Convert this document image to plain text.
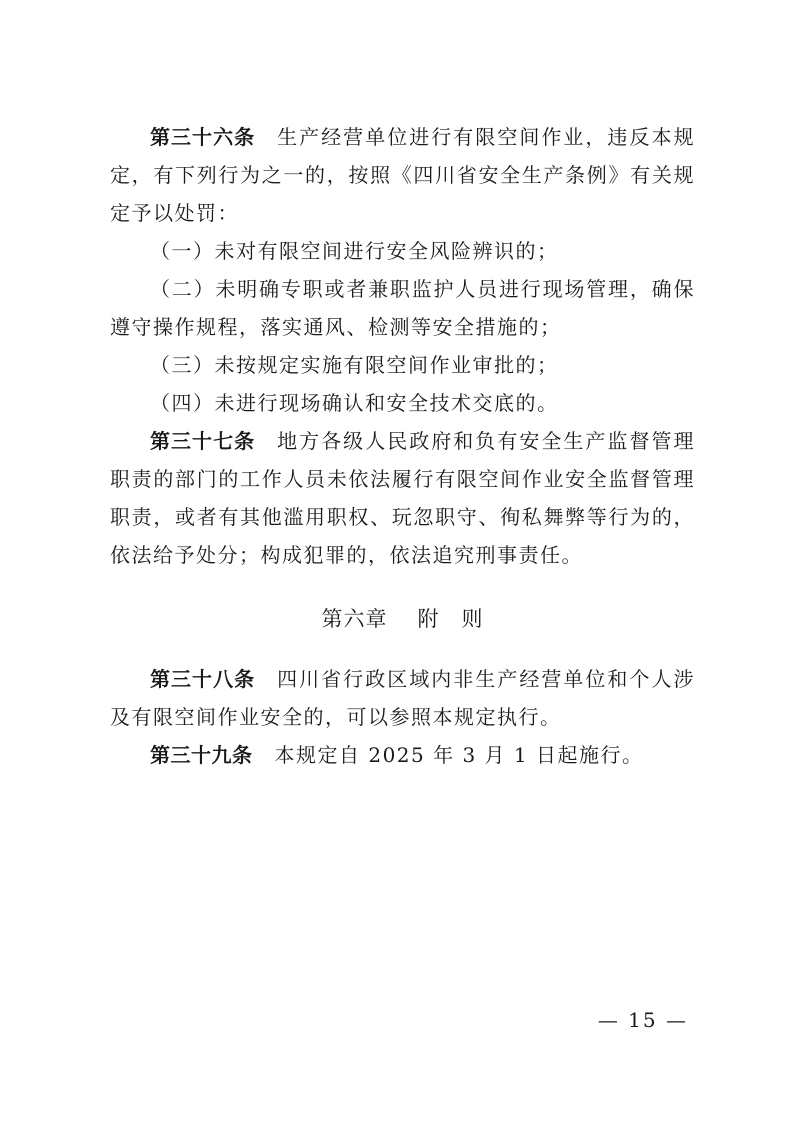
第三十六条 生产经营单位进行有限空间作业，违反本规定，有下列行为之一的，按照《四川省安全生产条例》有关规定予以处罚：

（一）未对有限空间进行安全风险辨识的；

（二）未明确专职或者兼职监护人员进行现场管理，确保遵守操作规程，落实通风、检测等安全措施的；

（三）未按规定实施有限空间作业审批的；

（四）未进行现场确认和安全技术交底的。

第三十七条 地方各级人民政府和负有安全生产监督管理职责的部门的工作人员未依法履行有限空间作业安全监督管理职责，或者有其他滥用职权、玩忽职守、徇私舞弊等行为的，依法给予处分；构成犯罪的，依法追究刑事责任。

第六章 附 则

第三十八条 四川省行政区域内非生产经营单位和个人涉及有限空间作业安全的，可以参照本规定执行。

第三十九条 本规定自 2025 年 3 月 1 日起施行。

— 15 —
